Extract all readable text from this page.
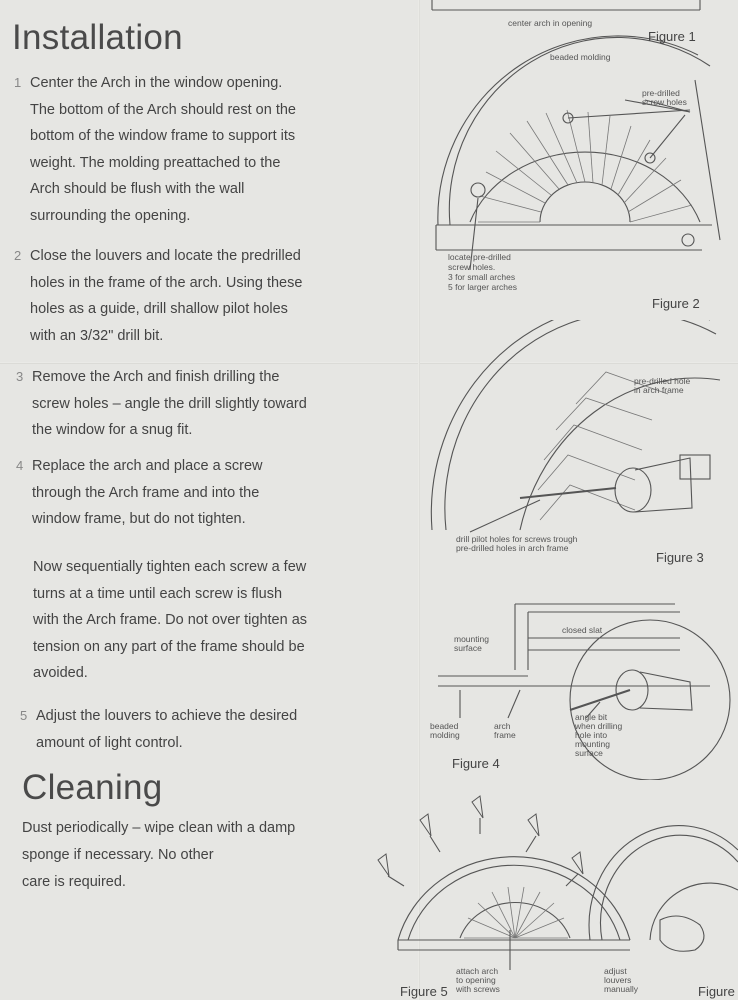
Installation
1 Center the Arch in the window opening.
The bottom of the Arch should rest on the
bottom of the window frame to support its
weight. The molding preattached to the
Arch should be flush with the wall
surrounding the opening.
2 Close the louvers and locate the predrilled
holes in the frame of the arch. Using these
holes as a guide, drill shallow pilot holes
with an 3/32" drill bit.
3 Remove the Arch and finish drilling the
screw holes – angle the drill slightly toward
the window for a snug fit.
4 Replace the arch and place a screw
through the Arch frame and into the
window frame, but do not tighten.
Now sequentially tighten each screw a few
turns at a time until each screw is flush
with the Arch frame. Do not over tighten as
tension on any part of the frame should be
avoided.
5 Adjust the louvers to achieve the desired
amount of light control.
Cleaning
Dust periodically – wipe clean with a damp
sponge if necessary. No other
care is required.
center arch in opening
beaded molding
pre-drilled
screw holes
Figure 1
locate pre-drilled
screw holes.
3 for small arches
5 for larger arches
Figure 2
pre-drilled hole
in arch frame
drill pilot holes for screws trough
pre-drilled holes in arch frame
Figure 3
closed slat
mounting
surface
beaded
molding
arch
frame
angle bit
when drilling
hole into
mounting
surface
Figure 4
attach arch
to opening
with screws
Figure 5
adjust
louvers
manually	Figure
